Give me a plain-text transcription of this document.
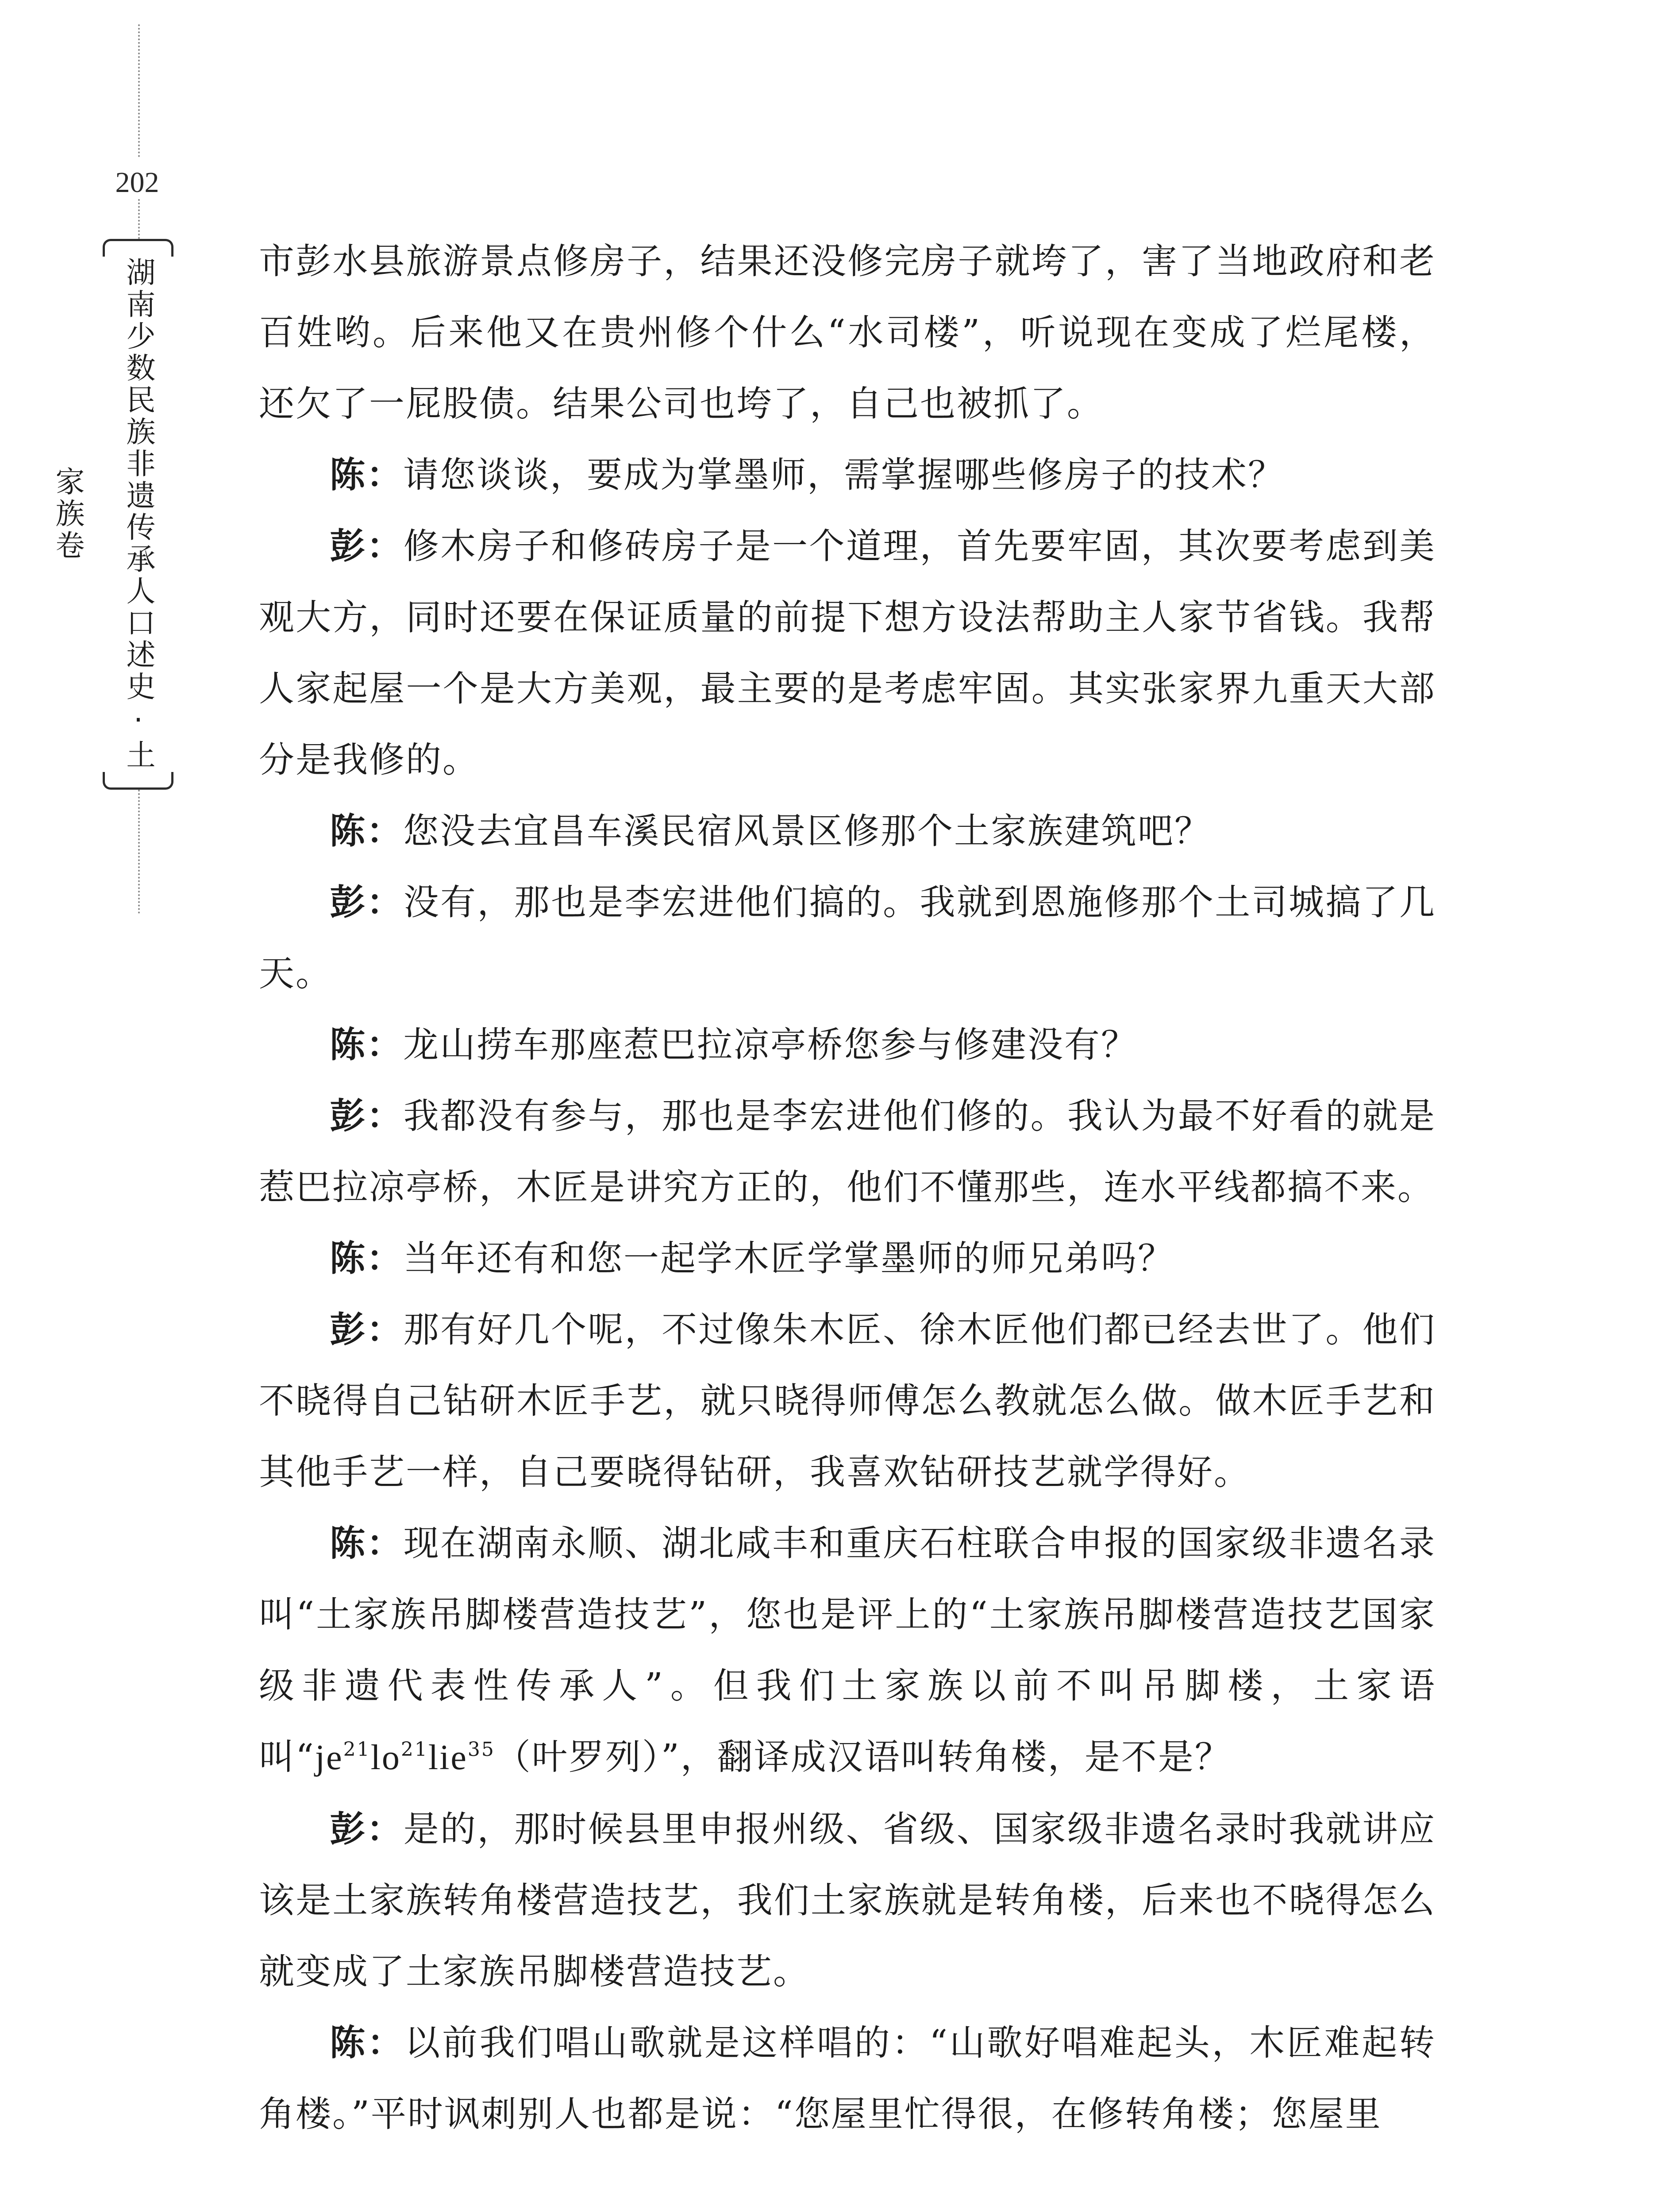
202
湖南少数民族非遗传承人口述史·土家族卷

市彭水县旅游景点修房子，结果还没修完房子就垮了，害了当地政府和老百姓哟。后来他又在贵州修个什么“水司楼”，听说现在变成了烂尾楼，还欠了一屁股债。结果公司也垮了，自己也被抓了。

陈：请您谈谈，要成为掌墨师，需掌握哪些修房子的技术？

彭：修木房子和修砖房子是一个道理，首先要牢固，其次要考虑到美观大方，同时还要在保证质量的前提下想方设法帮助主人家节省钱。我帮人家起屋一个是大方美观，最主要的是考虑牢固。其实张家界九重天大部分是我修的。

陈：您没去宜昌车溪民宿风景区修那个土家族建筑吧？

彭：没有，那也是李宏进他们搞的。我就到恩施修那个土司城搞了几天。

陈：龙山捞车那座惹巴拉凉亭桥您参与修建没有？

彭：我都没有参与，那也是李宏进他们修的。我认为最不好看的就是惹巴拉凉亭桥，木匠是讲究方正的，他们不懂那些，连水平线都搞不来。

陈：当年还有和您一起学木匠学掌墨师的师兄弟吗？

彭：那有好几个呢，不过像朱木匠、徐木匠他们都已经去世了。他们不晓得自己钻研木匠手艺，就只晓得师傅怎么教就怎么做。做木匠手艺和其他手艺一样，自己要晓得钻研，我喜欢钻研技艺就学得好。

陈：现在湖南永顺、湖北咸丰和重庆石柱联合申报的国家级非遗名录叫“土家族吊脚楼营造技艺”，您也是评上的“土家族吊脚楼营造技艺国家级非遗代表性传承人”。但我们土家族以前不叫吊脚楼，土家语叫“$je^{21}lo^{21}lie^{35}$（叶罗列）”，翻译成汉语叫转角楼，是不是？

彭：是的，那时候县里申报州级、省级、国家级非遗名录时我就讲应该是土家族转角楼营造技艺，我们土家族就是转角楼，后来也不晓得怎么就变成了土家族吊脚楼营造技艺。

陈：以前我们唱山歌就是这样唱的：“山歌好唱难起头，木匠难起转角楼。”平时讽刺别人也都是说：“您屋里忙得很，在修转角楼；您屋里
